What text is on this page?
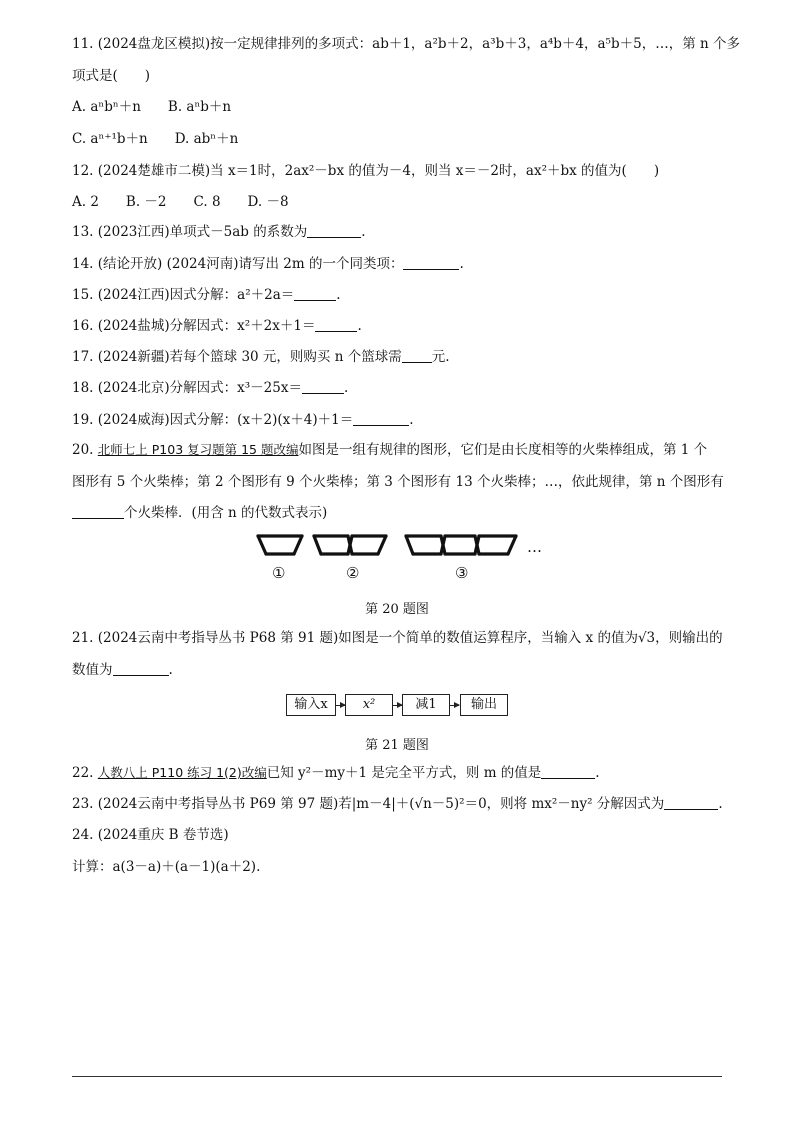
11. (2024盘龙区模拟)按一定规律排列的多项式：ab＋1，a²b＋2，a³b＋3，a⁴b＋4，a⁵b＋5，…，第 n 个多
项式是(　　)
A. aⁿbⁿ＋n　　B. aⁿb＋n
C. aⁿ⁺¹b＋n　　D. abⁿ＋n
12. (2024楚雄市二模)当 x＝1时，2ax²－bx 的值为－4，则当 x＝－2时，ax²＋bx 的值为(　　)
A. 2　　B. －2　　C. 8　　D. －8
13. (2023江西)单项式－5ab 的系数为	.
14. (结论开放) (2024河南)请写出 2m 的一个同类项：	.
15. (2024江西)因式分解：a²＋2a＝	.
16. (2024盐城)分解因式：x²＋2x＋1＝	.
17. (2024新疆)若每个篮球 30 元，则购买 n 个篮球需 元.
18. (2024北京)分解因式：x³－25x＝	.
19. (2024威海)因式分解：(x＋2)(x＋4)＋1＝	.
20. 北师七上 P103 复习题第 15 题改编如图是一组有规律的图形，它们是由长度相等的火柴棒组成，第 1 个
图形有 5 个火柴棒；第 2 个图形有 9 个火柴棒；第 3 个图形有 13 个火柴棒；…，依此规律，第 n 个图形有
个火柴棒．(用含 n 的代数式表示)
…
①	②	③
第 20 题图
21. (2024云南中考指导丛书 P68 第 91 题)如图是一个简单的数值运算程序，当输入 x 的值为√3，则输出的
数值为	.
输入x	x²	减1	输出
第 21 题图
22. 人教八上 P110 练习 1(2)改编已知 y²－my＋1 是完全平方式，则 m 的值是	.
23. (2024云南中考指导丛书 P69 第 97 题)若|m－4|＋(√n－5)²＝0，则将 mx²－ny² 分解因式为	.
24. (2024重庆 B 卷节选)
计算：a(3－a)＋(a－1)(a＋2).
